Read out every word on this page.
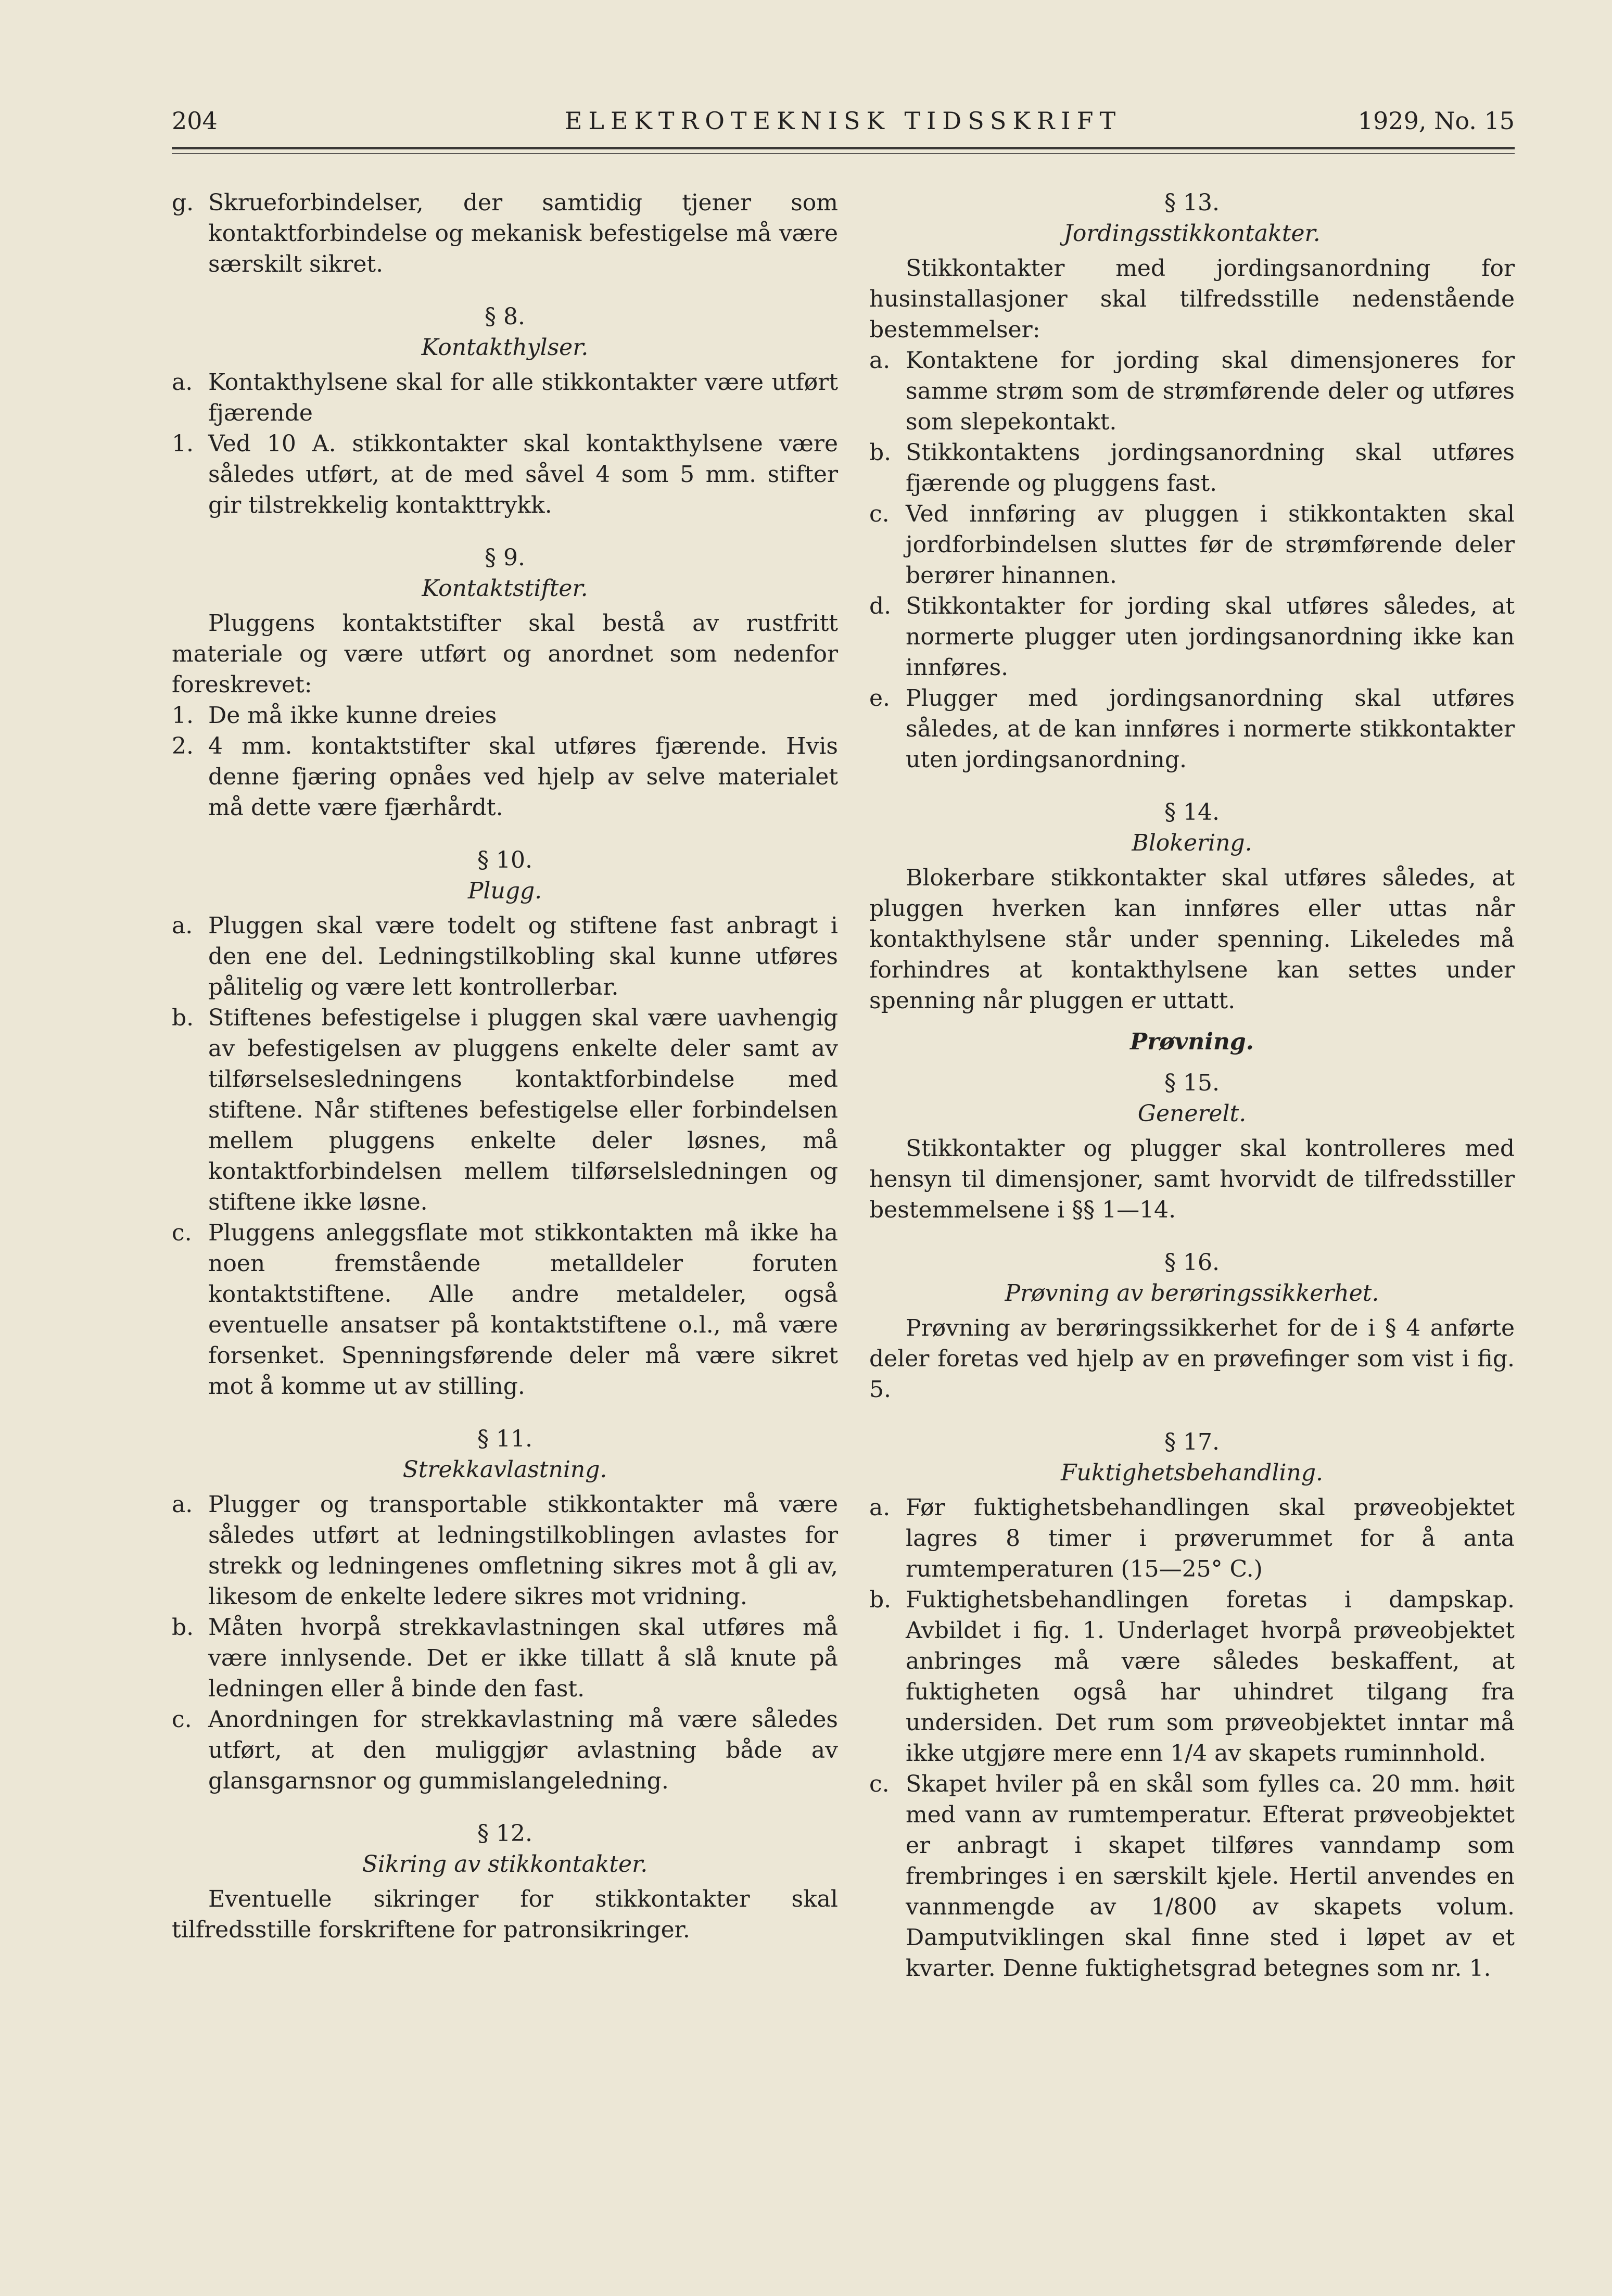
204	ELEKTROTEKNISK TIDSSKRIFT	1929, No. 15
g. Skrueforbindelser, der samtidig tjener som kontaktforbindelse og mekanisk befestigelse må være særskilt sikret.
§ 8.
Kontakthylser.
a. Kontakthylsene skal for alle stikkontakter være utført fjærende
1. Ved 10 A. stikkontakter skal kontakthylsene være således utført, at de med såvel 4 som 5 mm. stifter gir tilstrekkelig kontakttrykk.
§ 9.
Kontaktstifter.

Pluggens kontaktstifter skal bestå av rustfritt materiale og være utført og anordnet som nedenfor foreskrevet:

1. De må ikke kunne dreies
2. 4 mm. kontaktstifter skal utføres fjærende. Hvis denne fjæring opnåes ved hjelp av selve materialet må dette være fjærhårdt.
§ 10.
Plugg.
a. Pluggen skal være todelt og stiftene fast anbragt i den ene del. Ledningstilkobling skal kunne utføres pålitelig og være lett kontrollerbar.
b. Stiftenes befestigelse i pluggen skal være uavhengig av befestigelsen av pluggens enkelte deler samt av tilførselsesledningens kontaktforbindelse med stiftene. Når stiftenes befestigelse eller forbindelsen mellem pluggens enkelte deler løsnes, må kontaktforbindelsen mellem tilførselsledningen og stiftene ikke løsne.
c. Pluggens anleggsflate mot stikkontakten må ikke ha noen fremstående metalldeler foruten kontaktstiftene. Alle andre metaldeler, også eventuelle ansatser på kontaktstiftene o.l., må være forsenket. Spenningsførende deler må være sikret mot å komme ut av stilling.
§ 11.
Strekkavlastning.
a. Plugger og transportable stikkontakter må være således utført at ledningstilkoblingen avlastes for strekk og ledningenes omfletning sikres mot å gli av, likesom de enkelte ledere sikres mot vridning.
b. Måten hvorpå strekkavlastningen skal utføres må være innlysende. Det er ikke tillatt å slå knute på ledningen eller å binde den fast.
c. Anordningen for strekkavlastning må være således utført, at den muliggjør avlastning både av glansgarnsnor og gummislangeledning.
§ 12.
Sikring av stikkontakter.

Eventuelle sikringer for stikkontakter skal tilfredsstille forskriftene for patronsikringer.

§ 13.
Jordingsstikkontakter.

Stikkontakter med jordingsanordning for husinstallasjoner skal tilfredsstille nedenstående bestemmelser:

a. Kontaktene for jording skal dimensjoneres for samme strøm som de strømførende deler og utføres som slepekontakt.
b. Stikkontaktens jordingsanordning skal utføres fjærende og pluggens fast.
c. Ved innføring av pluggen i stikkontakten skal jordforbindelsen sluttes før de strømførende deler berører hinannen.
d. Stikkontakter for jording skal utføres således, at normerte plugger uten jordingsanordning ikke kan innføres.
e. Plugger med jordingsanordning skal utføres således, at de kan innføres i normerte stikkontakter uten jordingsanordning.
§ 14.
Blokering.

Blokerbare stikkontakter skal utføres således, at pluggen hverken kan innføres eller uttas når kontakthylsene står under spenning. Likeledes må forhindres at kontakthylsene kan settes under spenning når pluggen er uttatt.

Prøvning.
§ 15.
Generelt.

Stikkontakter og plugger skal kontrolleres med hensyn til dimensjoner, samt hvorvidt de tilfredsstiller bestemmelsene i §§ 1—14.

§ 16.
Prøvning av berøringssikkerhet.

Prøvning av berøringssikkerhet for de i § 4 anførte deler foretas ved hjelp av en prøvefinger som vist i fig. 5.

§ 17.
Fuktighetsbehandling.
a. Før fuktighetsbehandlingen skal prøveobjektet lagres 8 timer i prøverummet for å anta rumtemperaturen (15—25° C.)
b. Fuktighetsbehandlingen foretas i dampskap. Avbildet i fig. 1. Underlaget hvorpå prøveobjektet anbringes må være således beskaffent, at fuktigheten også har uhindret tilgang fra undersiden. Det rum som prøveobjektet inntar må ikke utgjøre mere enn 1/4 av skapets ruminnhold.
c. Skapet hviler på en skål som fylles ca. 20 mm. høit med vann av rumtemperatur. Efterat prøveobjektet er anbragt i skapet tilføres vanndamp som frembringes i en særskilt kjele. Hertil anvendes en vannmengde av 1/800 av skapets volum. Damputviklingen skal finne sted i løpet av et kvarter. Denne fuktighetsgrad betegnes som nr. 1.
